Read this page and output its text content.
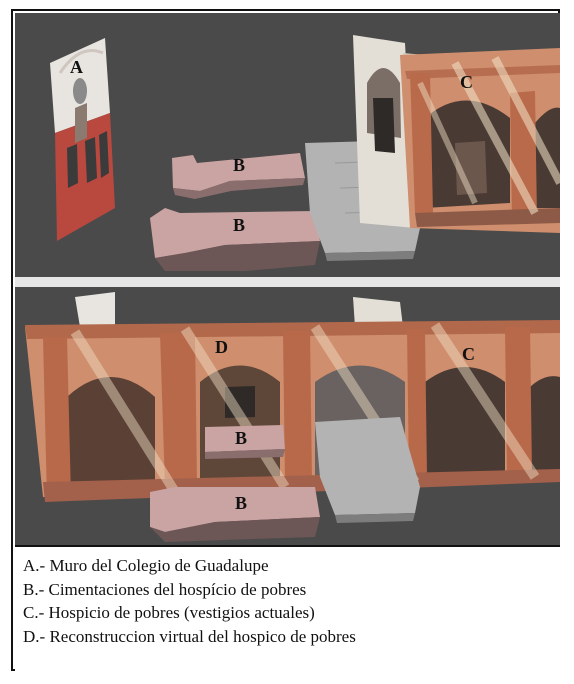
A
B
B
C
D
B
B
C
A.- Muro del Colegio de Guadalupe
B.- Cimentaciones del hospício de pobres
C.- Hospicio de pobres (vestigios actuales)
D.- Reconstruccion virtual del hospico de pobres
